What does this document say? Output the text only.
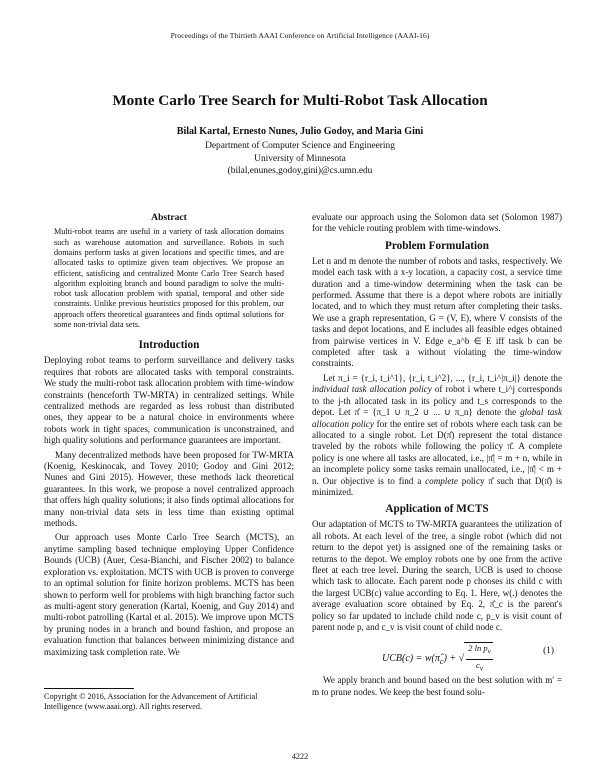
Proceedings of the Thirtieth AAAI Conference on Artificial Intelligence (AAAI-16)
Monte Carlo Tree Search for Multi-Robot Task Allocation
Bilal Kartal, Ernesto Nunes, Julio Godoy, and Maria Gini
Department of Computer Science and Engineering
University of Minnesota
(bilal,enunes,godoy,gini)@cs.umn.edu
Abstract
Multi-robot teams are useful in a variety of task allocation domains such as warehouse automation and surveillance. Robots in such domains perform tasks at given locations and specific times, and are allocated tasks to optimize given team objectives. We propose an efficient, satisficing and centralized Monte Carlo Tree Search based algorithm exploiting branch and bound paradigm to solve the multi-robot task allocation problem with spatial, temporal and other side constraints. Unlike previous heuristics proposed for this problem, our approach offers theoretical guarantees and finds optimal solutions for some non-trivial data sets.
Introduction

Deploying robot teams to perform surveillance and delivery tasks requires that robots are allocated tasks with temporal constraints. We study the multi-robot task allocation problem with time-window constraints (henceforth TW-MRTA) in centralized settings. While centralized methods are regarded as less robust than distributed ones, they appear to be a natural choice in environments where robots work in tight spaces, communication is unconstrained, and high quality solutions and performance guarantees are important.

Many decentralized methods have been proposed for TW-MRTA (Koenig, Keskinocak, and Tovey 2010; Godoy and Gini 2012; Nunes and Gini 2015). However, these methods lack theoretical guarantees. In this work, we propose a novel centralized approach that offers high quality solutions; it also finds optimal allocations for many non-trivial data sets in less time than existing optimal methods.

Our approach uses Monte Carlo Tree Search (MCTS), an anytime sampling based technique employing Upper Confidence Bounds (UCB) (Auer, Cesa-Bianchi, and Fischer 2002) to balance exploration vs. exploitation. MCTS with UCB is proven to converge to an optimal solution for finite horizon problems. MCTS has been shown to perform well for problems with high branching factor such as multi-agent story generation (Kartal, Koenig, and Guy 2014) and multi-robot patrolling (Kartal et al. 2015). We improve upon MCTS by pruning nodes in a branch and bound fashion, and propose an evaluation function that balances between minimizing distance and maximizing task completion rate. We

evaluate our approach using the Solomon data set (Solomon 1987) for the vehicle routing problem with time-windows.

Problem Formulation

Let n and m denote the number of robots and tasks, respectively. We model each task with a x-y location, a capacity cost, a service time duration and a time-window determining when the task can be performed. Assume that there is a depot where robots are initially located, and to which they must return after completing their tasks. We use a graph representation, G = (V, E), where V consists of the tasks and depot locations, and E includes all feasible edges obtained from pairwise vertices in V. Edge e_a^b ∈ E iff task b can be completed after task a without violating the time-window constraints.

Let π_i = {r_i, t_i^1}, {r_i, t_i^2}, ..., {r_i, t_i^|π_i|} denote the individual task allocation policy of robot i where t_i^j corresponds to the j-th allocated task in its policy and t_s corresponds to the depot. Let π̂ = {π_1 ∪ π_2 ∪ ... ∪ π_n} denote the global task allocation policy for the entire set of robots where each task can be allocated to a single robot. Let D(π̂) represent the total distance traveled by the robots while following the policy π̂. A complete policy is one where all tasks are allocated, i.e., |π̂| = m + n, while in an incomplete policy some tasks remain unallocated, i.e., |π̂| < m + n. Our objective is to find a complete policy π̂ such that D(π̂) is minimized.

Application of MCTS

Our adaptation of MCTS to TW-MRTA guarantees the utilization of all robots. At each level of the tree, a single robot (which did not return to the depot yet) is assigned one of the remaining tasks or returns to the depot. We employ robots one by one from the active fleet at each tree level. During the search, UCB is used to choose which task to allocate. Each parent node p chooses its child c with the largest UCB(c) value according to Eq. 1. Here, w(.) denotes the average evaluation score obtained by Eq. 2, π̂_c is the parent's policy so far updated to include child node c, p_v is visit count of parent node p, and c_v is visit count of child node c.

$UCB(c) = w(\pî_c)$ + √ $\frac{2 \ln p_v}{c_v}$	(1)

We apply branch and bound based on the best solution with m′ = m to prune nodes. We keep the best found solu-

Copyright © 2016, Association for the Advancement of Artificial Intelligence (www.aaai.org). All rights reserved.
4222
